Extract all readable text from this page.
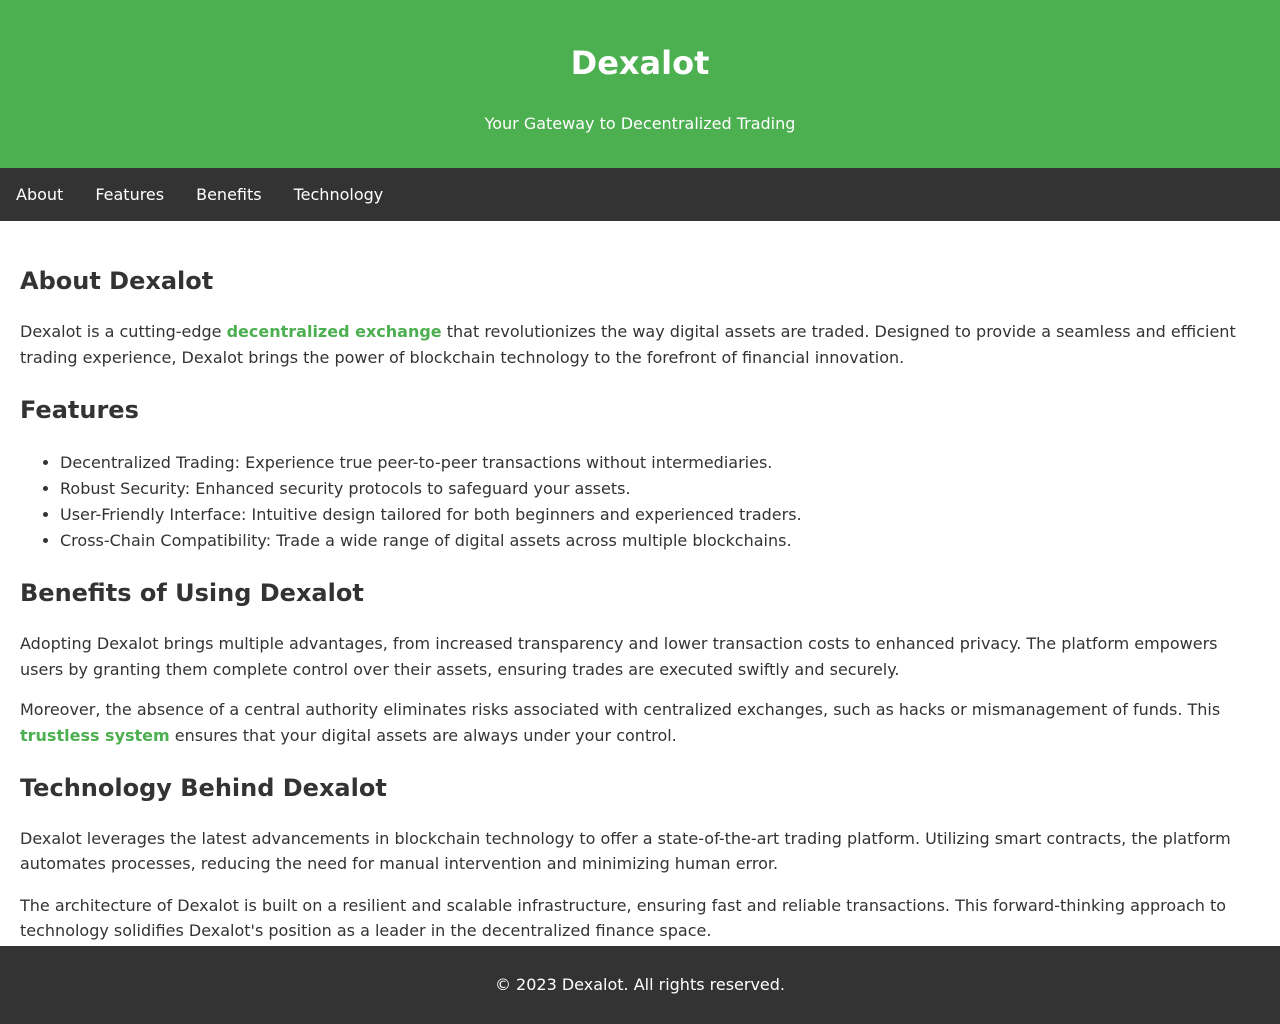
Dexalot

Your Gateway to Decentralized Trading

About Features Benefits Technology
About Dexalot

Dexalot is a cutting-edge decentralized exchange that revolutionizes the way digital assets are traded. Designed to provide a seamless and efficient trading experience, Dexalot brings the power of blockchain technology to the forefront of financial innovation.

Features
• Decentralized Trading: Experience true peer-to-peer transactions without intermediaries.
• Robust Security: Enhanced security protocols to safeguard your assets.
• User-Friendly Interface: Intuitive design tailored for both beginners and experienced traders.
• Cross-Chain Compatibility: Trade a wide range of digital assets across multiple blockchains.
Benefits of Using Dexalot

Adopting Dexalot brings multiple advantages, from increased transparency and lower transaction costs to enhanced privacy. The platform empowers users by granting them complete control over their assets, ensuring trades are executed swiftly and securely.

Moreover, the absence of a central authority eliminates risks associated with centralized exchanges, such as hacks or mismanagement of funds. This trustless system ensures that your digital assets are always under your control.

Technology Behind Dexalot

Dexalot leverages the latest advancements in blockchain technology to offer a state-of-the-art trading platform. Utilizing smart contracts, the platform automates processes, reducing the need for manual intervention and minimizing human error.

The architecture of Dexalot is built on a resilient and scalable infrastructure, ensuring fast and reliable transactions. This forward-thinking approach to technology solidifies Dexalot's position as a leader in the decentralized finance space.

© 2023 Dexalot. All rights reserved.
